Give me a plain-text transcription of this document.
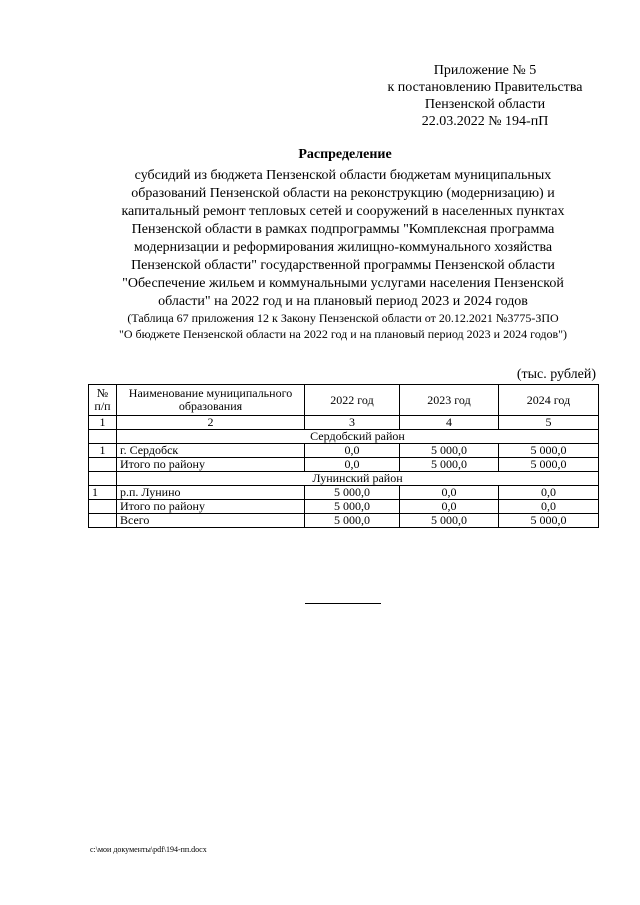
Приложение № 5
к постановлению Правительства
Пензенской области
22.03.2022 № 194-пП
Распределение
субсидий из бюджета Пензенской области бюджетам муниципальных
образований Пензенской области на реконструкцию (модернизацию) и
капитальный ремонт тепловых сетей и сооружений в населенных пунктах
Пензенской области в рамках подпрограммы "Комплексная программа
модернизации и реформирования жилищно-коммунального хозяйства
Пензенской области" государственной программы Пензенской области
"Обеспечение жильем и коммунальными услугами населения Пензенской
области" на 2022 год и на плановый период 2023 и 2024 годов
(Таблица 67 приложения 12 к Закону Пензенской области от 20.12.2021 №3775-ЗПО
"О бюджете Пензенской области на 2022 год и на плановый период 2023 и 2024 годов")
(тыс. рублей)
№ п/п	Наименование муниципального образования	2022 год	2023 год	2024 год
1	2	3	4	5
	Сердобский район			
1	г. Сердобск	0,0	5 000,0	5 000,0
	Итого по району	0,0	5 000,0	5 000,0
	Лунинский район			
1	р.п. Лунино	5 000,0	0,0	0,0
	Итого по району	5 000,0	0,0	0,0
	Всего	5 000,0	5 000,0	5 000,0
c:\мои документы\pdf\194-пп.docx
